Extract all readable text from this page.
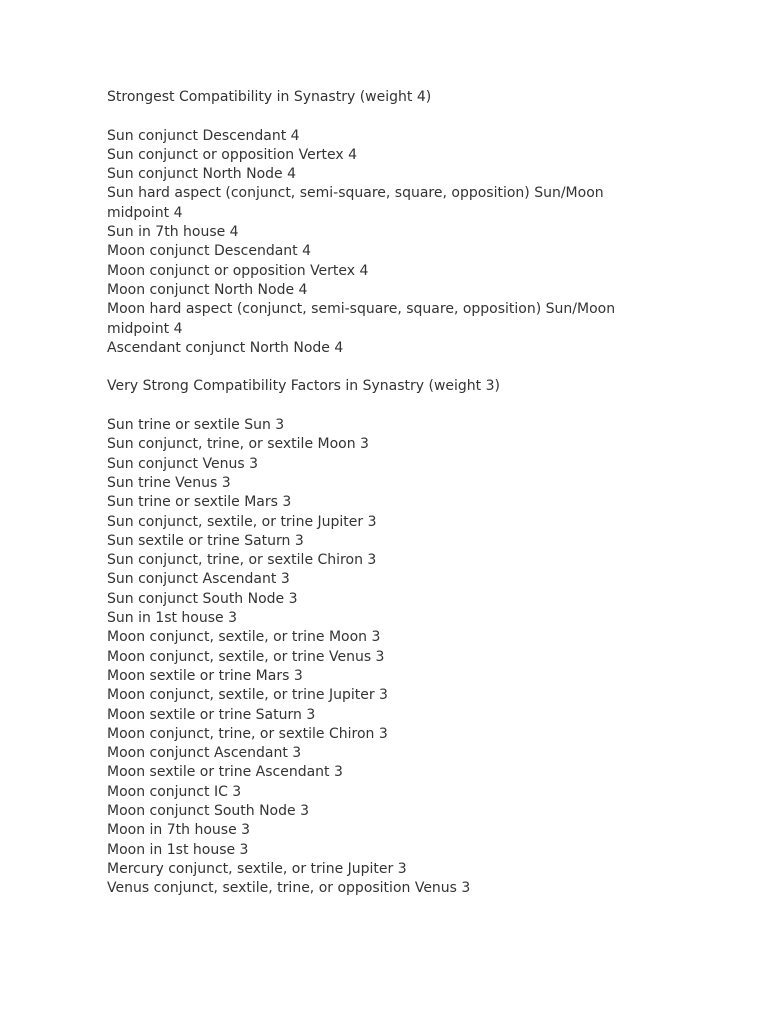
Strongest Compatibility in Synastry (weight 4)

Sun conjunct Descendant 4

Sun conjunct or opposition Vertex 4

Sun conjunct North Node 4

Sun hard aspect (conjunct, semi-square, square, opposition) Sun/Moon midpoint 4

Sun in 7th house 4

Moon conjunct Descendant 4

Moon conjunct or opposition Vertex 4

Moon conjunct North Node 4

Moon hard aspect (conjunct, semi-square, square, opposition) Sun/Moon midpoint 4

Ascendant conjunct North Node 4

Very Strong Compatibility Factors in Synastry (weight 3)

Sun trine or sextile Sun 3

Sun conjunct, trine, or sextile Moon 3

Sun conjunct Venus 3

Sun trine Venus 3

Sun trine or sextile Mars 3

Sun conjunct, sextile, or trine Jupiter 3

Sun sextile or trine Saturn 3

Sun conjunct, trine, or sextile Chiron 3

Sun conjunct Ascendant 3

Sun conjunct South Node 3

Sun in 1st house 3

Moon conjunct, sextile, or trine Moon 3

Moon conjunct, sextile, or trine Venus 3

Moon sextile or trine Mars 3

Moon conjunct, sextile, or trine Jupiter 3

Moon sextile or trine Saturn 3

Moon conjunct, trine, or sextile Chiron 3

Moon conjunct Ascendant 3

Moon sextile or trine Ascendant 3

Moon conjunct IC 3

Moon conjunct South Node 3

Moon in 7th house 3

Moon in 1st house 3

Mercury conjunct, sextile, or trine Jupiter 3

Venus conjunct, sextile, trine, or opposition Venus 3
